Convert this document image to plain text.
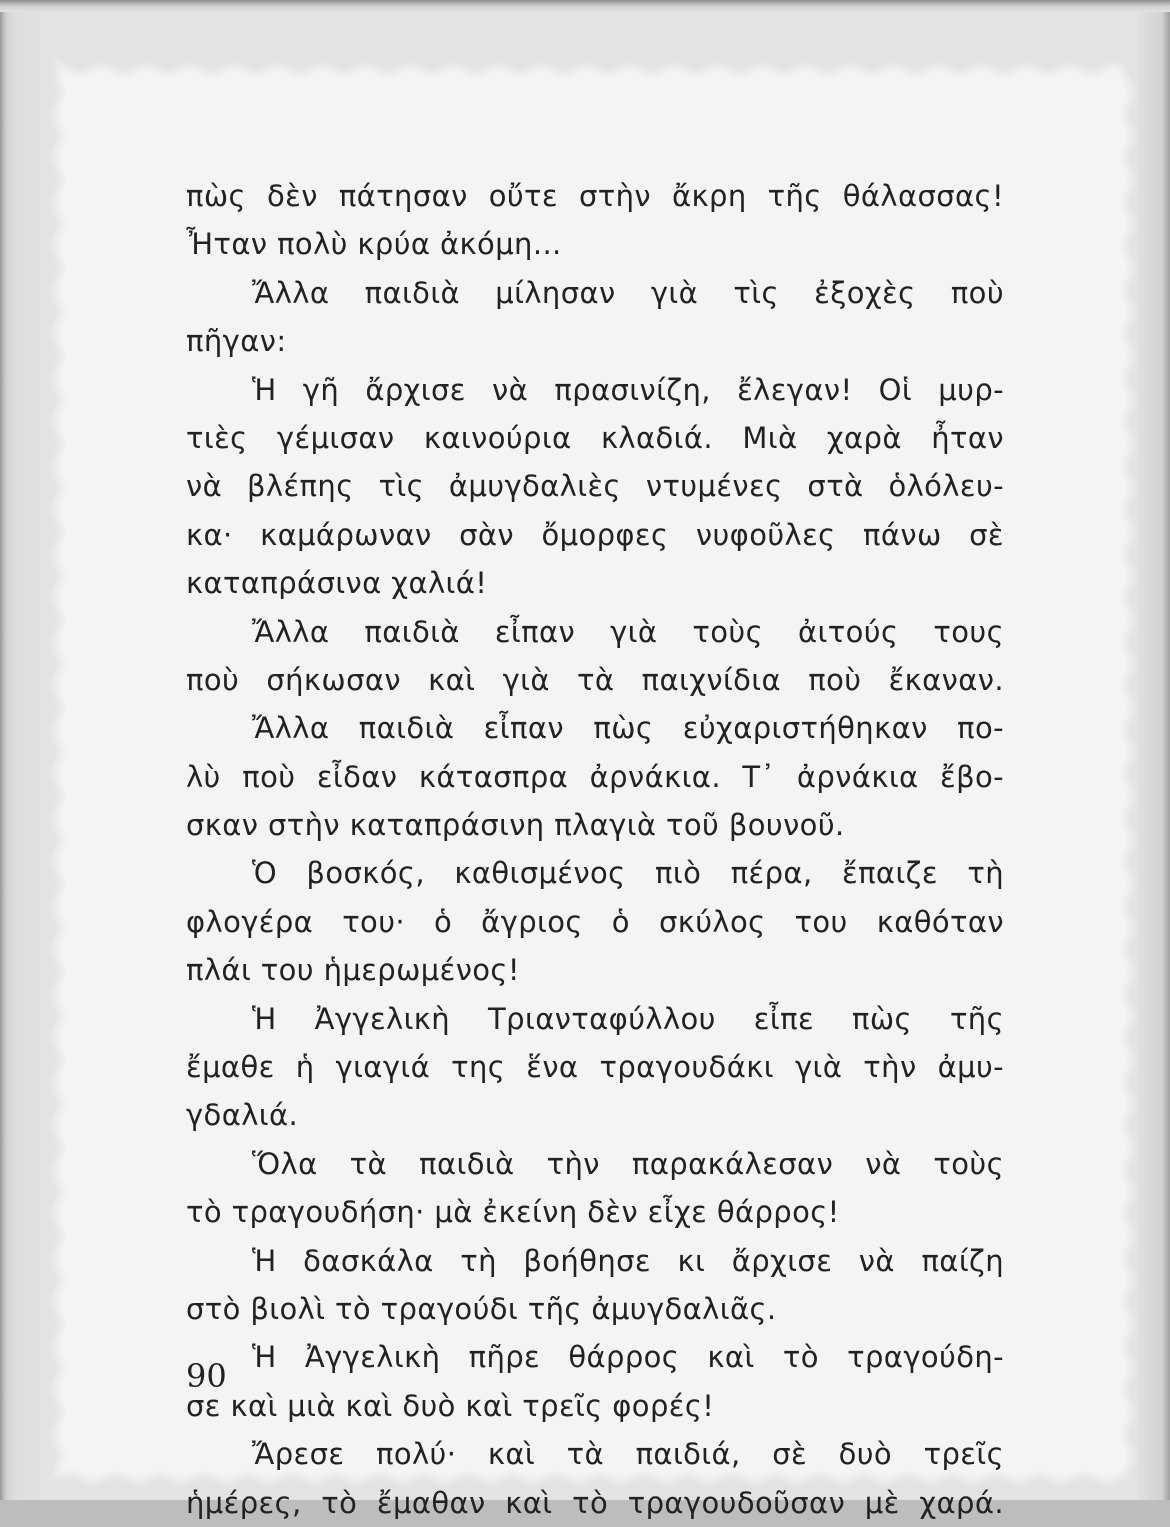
πὼς δὲν πάτησαν οὔτε στὴν ἄκρη τῆς θάλασσας!
Ἦταν πολὺ κρύα ἀκόμη...
Ἄλλα παιδιὰ μίλησαν γιὰ τὶς ἐξοχὲς ποὺ
πῆγαν:
Ἡ γῆ ἄρχισε νὰ πρασινίζη, ἔλεγαν! Οἱ μυρ-
τιὲς γέμισαν καινούρια κλαδιά. Μιὰ χαρὰ ἦταν
νὰ βλέπης τὶς ἀμυγδαλιὲς ντυμένες στὰ ὁλόλευ-
κα· καμάρωναν σὰν ὄμορφες νυφοῦλες πάνω σὲ
καταπράσινα χαλιά!
Ἄλλα παιδιὰ εἶπαν γιὰ τοὺς ἀιτούς τους
ποὺ σήκωσαν καὶ γιὰ τὰ παιχνίδια ποὺ ἔκαναν.
Ἄλλα παιδιὰ εἶπαν πὼς εὐχαριστήθηκαν πο-
λὺ ποὺ εἶδαν κάτασπρα ἀρνάκια. Τ᾿ ἀρνάκια ἔβο-
σκαν στὴν καταπράσινη πλαγιὰ τοῦ βουνοῦ.
Ὁ βοσκός, καθισμένος πιὸ πέρα, ἔπαιζε τὴ
φλογέρα του· ὁ ἄγριος ὁ σκύλος του καθόταν
πλάι του ἡμερωμένος!
Ἡ Ἀγγελικὴ Τριανταφύλλου εἶπε πὼς τῆς
ἔμαθε ἡ γιαγιά της ἕνα τραγουδάκι γιὰ τὴν ἀμυ-
γδαλιά.
Ὅλα τὰ παιδιὰ τὴν παρακάλεσαν νὰ τοὺς
τὸ τραγουδήση· μὰ ἐκείνη δὲν εἶχε θάρρος!
Ἡ δασκάλα τὴ βοήθησε κι ἄρχισε νὰ παίζη
στὸ βιολὶ τὸ τραγούδι τῆς ἀμυγδαλιᾶς.
Ἡ Ἀγγελικὴ πῆρε θάρρος καὶ τὸ τραγούδη-
σε καὶ μιὰ καὶ δυὸ καὶ τρεῖς φορές!
Ἄρεσε πολύ· καὶ τὰ παιδιά, σὲ δυὸ τρεῖς
ἡμέρες, τὸ ἔμαθαν καὶ τὸ τραγουδοῦσαν μὲ χαρά.
90
